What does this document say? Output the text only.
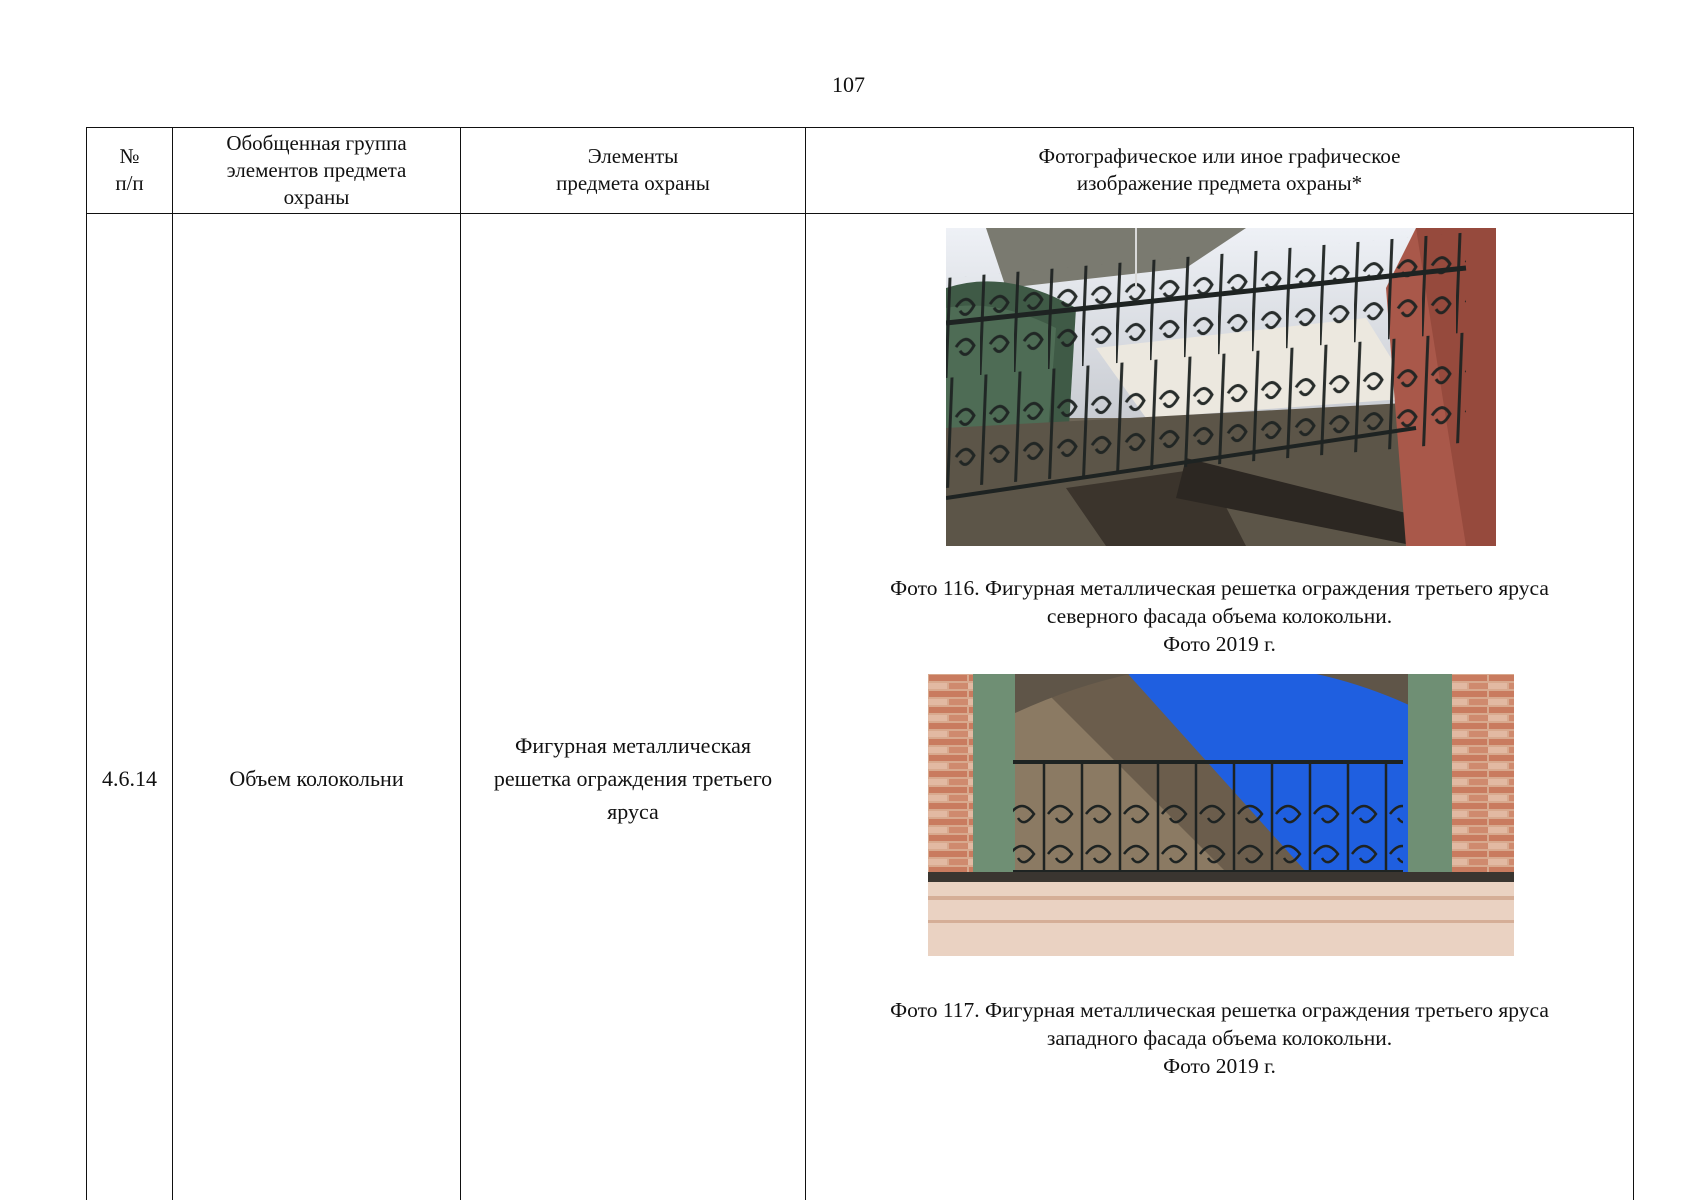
107
№
п/п
Обобщенная группа
элементов предмета
охраны
Элементы
предмета охраны
Фотографическое или иное графическое
изображение предмета охраны*
4.6.14	Объем колокольни
Фигурная металлическая
решетка ограждения третьего
яруса
Фото 116. Фигурная металлическая решетка ограждения третьего яруса
северного фасада объема колокольни.
Фото 2019 г.
Фото 117. Фигурная металлическая решетка ограждения третьего яруса
западного фасада объема колокольни.
Фото 2019 г.
